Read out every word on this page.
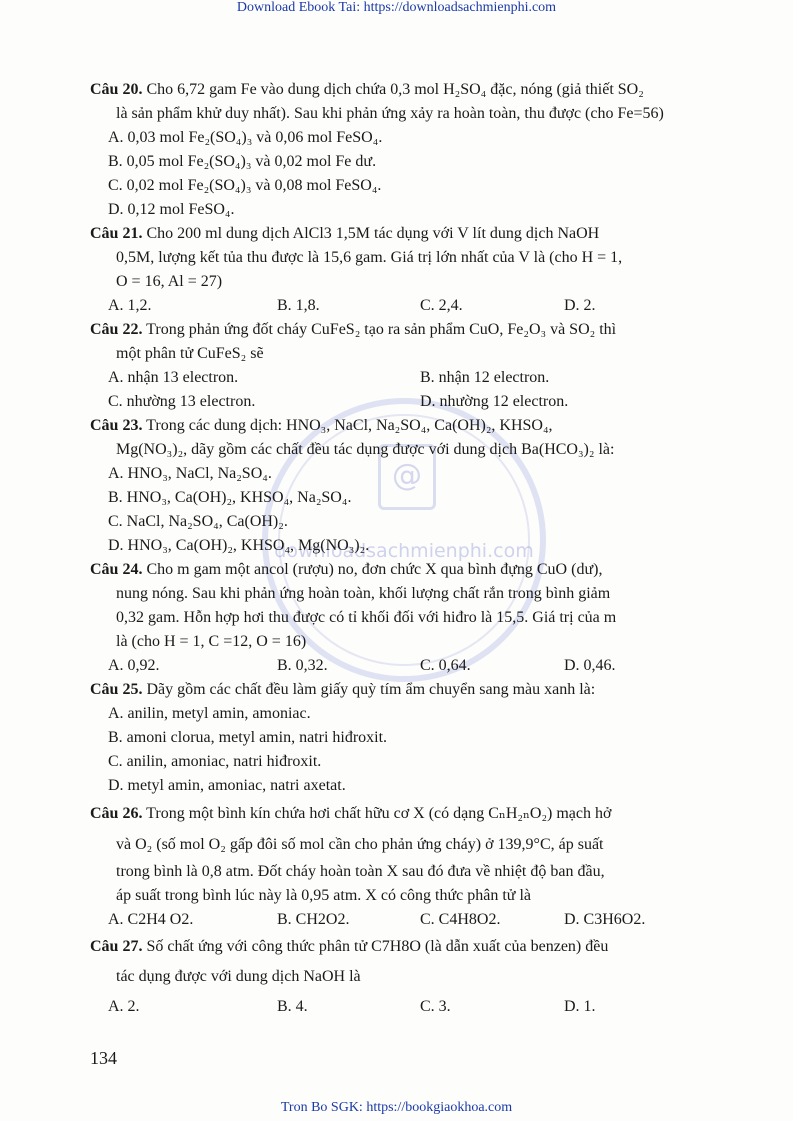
Download Ebook Tai: https://downloadsachmienphi.com
@
downloadsachmienphi.com
Câu 20. Cho 6,72 gam Fe vào dung dịch chứa 0,3 mol H₂SO₄ đặc, nóng (giả thiết SO₂
là sản phẩm khử duy nhất). Sau khi phản ứng xảy ra hoàn toàn, thu được (cho Fe=56)
A. 0,03 mol Fe₂(SO₄)₃ và 0,06 mol FeSO₄.
B. 0,05 mol Fe₂(SO₄)₃ và 0,02 mol Fe dư.
C. 0,02 mol Fe₂(SO₄)₃ và 0,08 mol FeSO₄.
D. 0,12 mol FeSO₄.
Câu 21. Cho 200 ml dung dịch AlCl3 1,5M tác dụng với V lít dung dịch NaOH
0,5M, lượng kết tủa thu được là 15,6 gam. Giá trị lớn nhất của V là (cho H = 1,
O = 16, Al = 27)
A. 1,2.	B. 1,8.	C. 2,4.	D. 2.
Câu 22. Trong phản ứng đốt cháy CuFeS₂ tạo ra sản phẩm CuO, Fe₂O₃ và SO₂ thì
một phân tử CuFeS₂ sẽ
A. nhận 13 electron.	B. nhận 12 electron.
C. nhường 13 electron.	D. nhường 12 electron.
Câu 23. Trong các dung dịch: HNO₃, NaCl, Na₂SO₄, Ca(OH)₂, KHSO₄,
Mg(NO₃)₂, dãy gồm các chất đều tác dụng được với dung dịch Ba(HCO₃)₂ là:
A. HNO₃, NaCl, Na₂SO₄.
B. HNO₃, Ca(OH)₂, KHSO₄, Na₂SO₄.
C. NaCl, Na₂SO₄, Ca(OH)₂.
D. HNO₃, Ca(OH)₂, KHSO₄, Mg(NO₃)₂.
Câu 24. Cho m gam một ancol (rượu) no, đơn chức X qua bình đựng CuO (dư),
nung nóng. Sau khi phản ứng hoàn toàn, khối lượng chất rắn trong bình giảm
0,32 gam. Hỗn hợp hơi thu được có tỉ khối đối với hiđro là 15,5. Giá trị của m
là (cho H = 1, C =12, O = 16)
A. 0,92.	B. 0,32.	C. 0,64.	D. 0,46.
Câu 25. Dãy gồm các chất đều làm giấy quỳ tím ẩm chuyển sang màu xanh là:
A. anilin, metyl amin, amoniac.
B. amoni clorua, metyl amin, natri hiđroxit.
C. anilin, amoniac, natri hiđroxit.
D. metyl amin, amoniac, natri axetat.
Câu 26. Trong một bình kín chứa hơi chất hữu cơ X (có dạng CₙH₂ₙO₂) mạch hở
và O₂ (số mol O₂ gấp đôi số mol cần cho phản ứng cháy) ở 139,9°C, áp suất
trong bình là 0,8 atm. Đốt cháy hoàn toàn X sau đó đưa về nhiệt độ ban đầu,
áp suất trong bình lúc này là 0,95 atm. X có công thức phân tử là
A. C2H4 O2.	B. CH2O2.	C. C4H8O2.	D. C3H6O2.
Câu 27. Số chất ứng với công thức phân tử C7H8O (là dẫn xuất của benzen) đều
tác dụng được với dung dịch NaOH là
A. 2.	B. 4.	C. 3.	D. 1.
134
Tron Bo SGK: https://bookgiaokhoa.com
